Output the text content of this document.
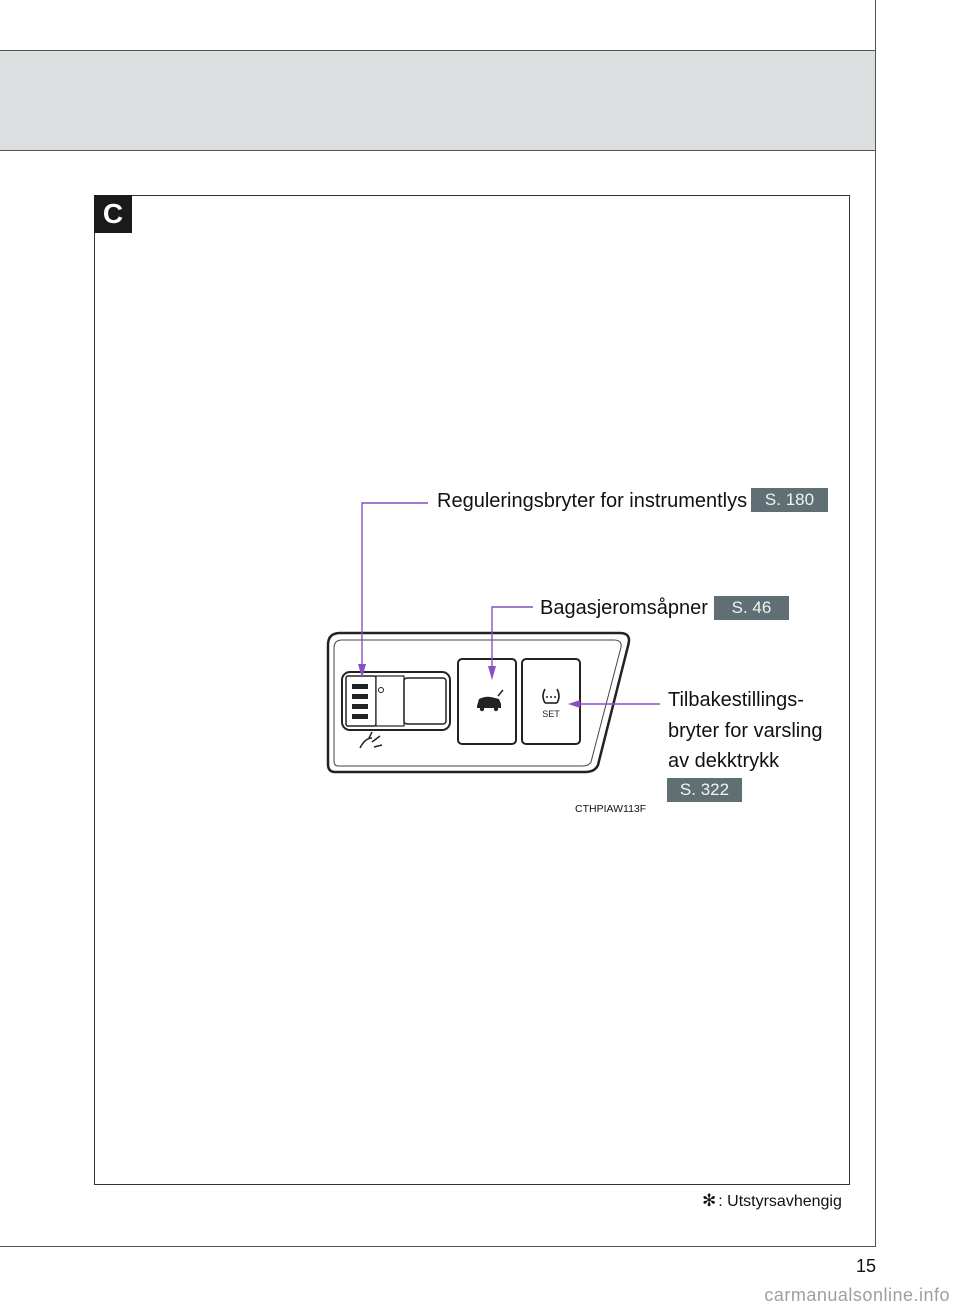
C
SET
Reguleringsbryter for instrumentlys	S. 180
Bagasjeromsåpner	S. 46
Tilbakestillings-
bryter for varsling
av dekktrykk
S. 322
CTHPIAW113F
✻ : Utstyrsavhengig
15
carmanualsonline.info
